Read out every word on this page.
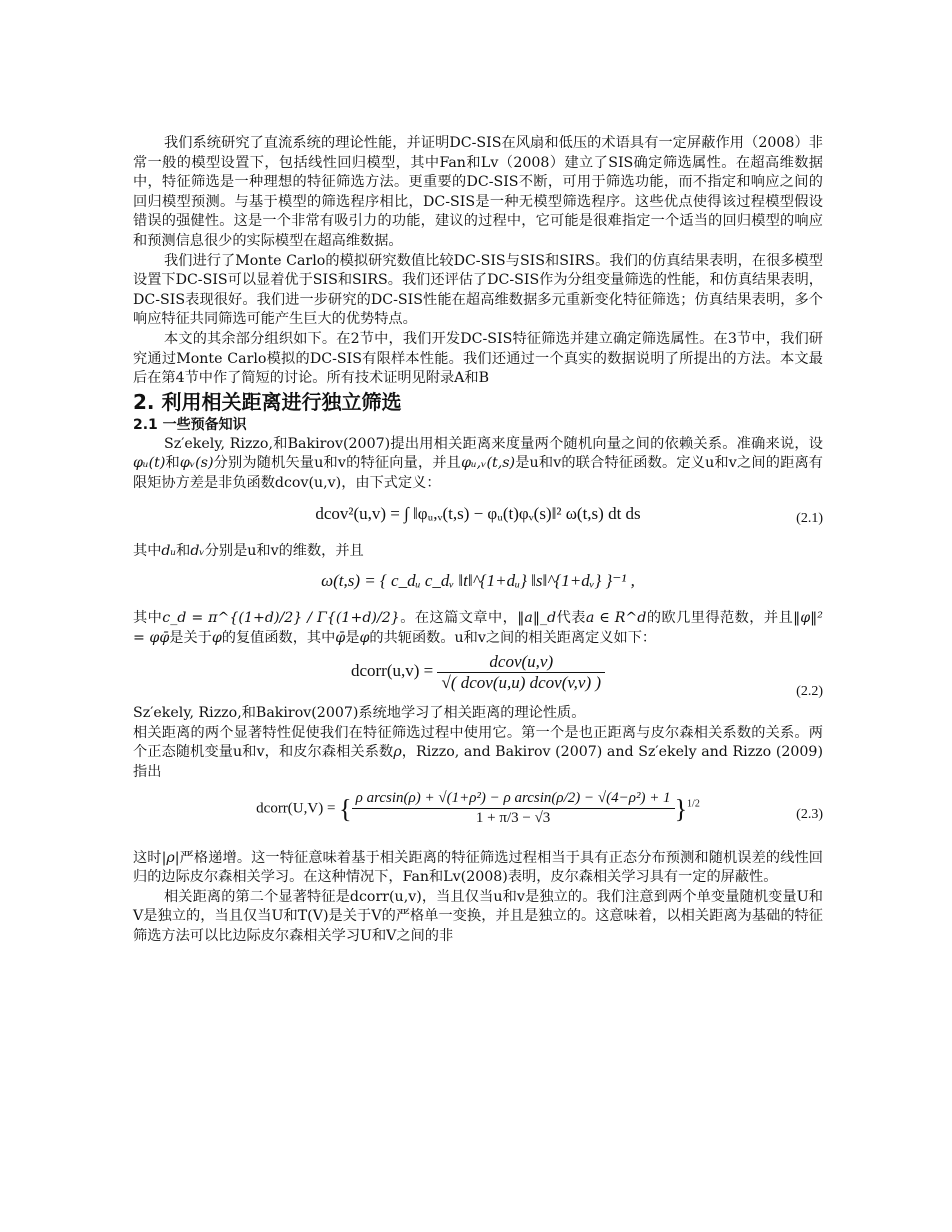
我们系统研究了直流系统的理论性能，并证明DC-SIS在风扇和低压的术语具有一定屏蔽作用（2008）非常一般的模型设置下，包括线性回归模型，其中Fan和Lv（2008）建立了SIS确定筛选属性。在超高维数据中，特征筛选是一种理想的特征筛选方法。更重要的DC-SIS不断，可用于筛选功能，而不指定和响应之间的回归模型预测。与基于模型的筛选程序相比，DC-SIS是一种无模型筛选程序。这些优点使得该过程模型假设错误的强健性。这是一个非常有吸引力的功能，建议的过程中，它可能是很难指定一个适当的回归模型的响应和预测信息很少的实际模型在超高维数据。

我们进行了Monte Carlo的模拟研究数值比较DC-SIS与SIS和SIRS。我们的仿真结果表明，在很多模型设置下DC-SIS可以显着优于SIS和SIRS。我们还评估了DC-SIS作为分组变量筛选的性能，和仿真结果表明，DC-SIS表现很好。我们进一步研究的DC-SIS性能在超高维数据多元重新变化特征筛选；仿真结果表明，多个响应特征共同筛选可能产生巨大的优势特点。

本文的其余部分组织如下。在2节中，我们开发DC-SIS特征筛选并建立确定筛选属性。在3节中，我们研究通过Monte Carlo模拟的DC-SIS有限样本性能。我们还通过一个真实的数据说明了所提出的方法。本文最后在第4节中作了简短的讨论。所有技术证明见附录A和B

2. 利用相关距离进行独立筛选
2.1 一些预备知识

Sz′ekely, Rizzo,和Bakirov(2007)提出用相关距离来度量两个随机向量之间的依赖关系。准确来说，设φᵤ(t)和φᵥ(s)分别为随机矢量u和v的特征向量，并且φᵤ,ᵥ(t,s)是u和v的联合特征函数。定义u和v之间的距离有限矩协方差是非负函数dcov(u,v)，由下式定义：

dcov²(u,v) = ∫ ‖φᵤ,ᵥ(t,s) − φᵤ(t)φᵥ(s)‖² ω(t,s) dt ds	(2.1)

其中dᵤ和dᵥ分别是u和v的维数，并且

ω(t,s) = { c_dᵤ c_dᵥ ‖t‖^{1+dᵤ} ‖s‖^{1+dᵥ} }⁻¹ ,

其中c_d = π^{(1+d)/2} / Γ{(1+d)/2}。在这篇文章中，‖a‖_d代表a ∈ R^d的欧几里得范数，并且‖φ‖² = φφ̄是关于φ的复值函数，其中φ̄是φ的共轭函数。u和v之间的相关距离定义如下：

dcorr(u,v) = $\frac{\text{dcov(u,v)}}{\text{√( dcov(u,u) dcov(v,v) )}}$	(2.2)

Sz′ekely, Rizzo,和Bakirov(2007)系统地学习了相关距离的理论性质。

相关距离的两个显著特性促使我们在特征筛选过程中使用它。第一个是也正距离与皮尔森相关系数的关系。两个正态随机变量u和v，和皮尔森相关系数ρ，Rizzo, and Bakirov (2007) and Sz′ekely and Rizzo (2009)指出

dcorr(U,V) = { $\frac{\text{ρ arcsin(ρ) + √(1+ρ²) − ρ arcsin(ρ/2) − √(4−ρ²) + 1}}{1 + \pi/3 - √3} \}^{1/2}$
(2.3)

这时|ρ|严格递增。这一特征意味着基于相关距离的特征筛选过程相当于具有正态分布预测和随机误差的线性回归的边际皮尔森相关学习。在这种情况下，Fan和Lv(2008)表明，皮尔森相关学习具有一定的屏蔽性。

相关距离的第二个显著特征是dcorr(u,v)，当且仅当u和v是独立的。我们注意到两个单变量随机变量U和V是独立的，当且仅当U和T(V)是关于V的严格单一变换，并且是独立的。这意味着，以相关距离为基础的特征筛选方法可以比边际皮尔森相关学习U和V之间的非
